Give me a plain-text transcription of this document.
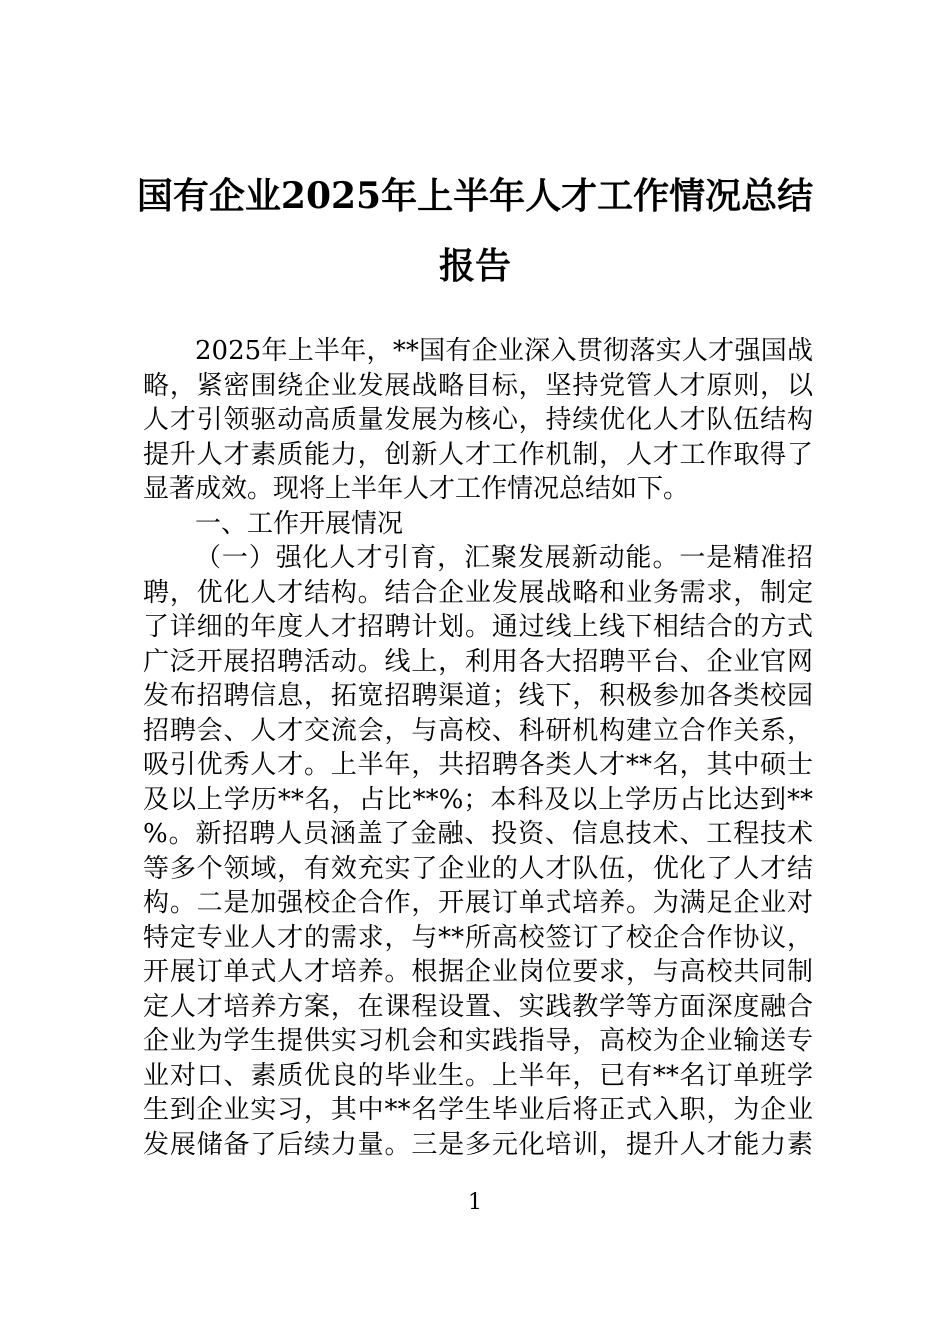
国有企业2025年上半年人才工作情况总结
报告
2025年上半年，**国有企业深入贯彻落实人才强国战
略，紧密围绕企业发展战略目标，坚持党管人才原则，以
人才引领驱动高质量发展为核心，持续优化人才队伍结构
提升人才素质能力，创新人才工作机制，人才工作取得了
显著成效。现将上半年人才工作情况总结如下。
一、工作开展情况
（一）强化人才引育，汇聚发展新动能。一是精准招
聘，优化人才结构。结合企业发展战略和业务需求，制定
了详细的年度人才招聘计划。通过线上线下相结合的方式
广泛开展招聘活动。线上，利用各大招聘平台、企业官网
发布招聘信息，拓宽招聘渠道；线下，积极参加各类校园
招聘会、人才交流会，与高校、科研机构建立合作关系，
吸引优秀人才。上半年，共招聘各类人才**名，其中硕士
及以上学历**名，占比**%；本科及以上学历占比达到**
%。新招聘人员涵盖了金融、投资、信息技术、工程技术
等多个领域，有效充实了企业的人才队伍，优化了人才结
构。二是加强校企合作，开展订单式培养。为满足企业对
特定专业人才的需求，与**所高校签订了校企合作协议，
开展订单式人才培养。根据企业岗位要求，与高校共同制
定人才培养方案，在课程设置、实践教学等方面深度融合
企业为学生提供实习机会和实践指导，高校为企业输送专
业对口、素质优良的毕业生。上半年，已有**名订单班学
生到企业实习，其中**名学生毕业后将正式入职，为企业
发展储备了后续力量。三是多元化培训，提升人才能力素
1
